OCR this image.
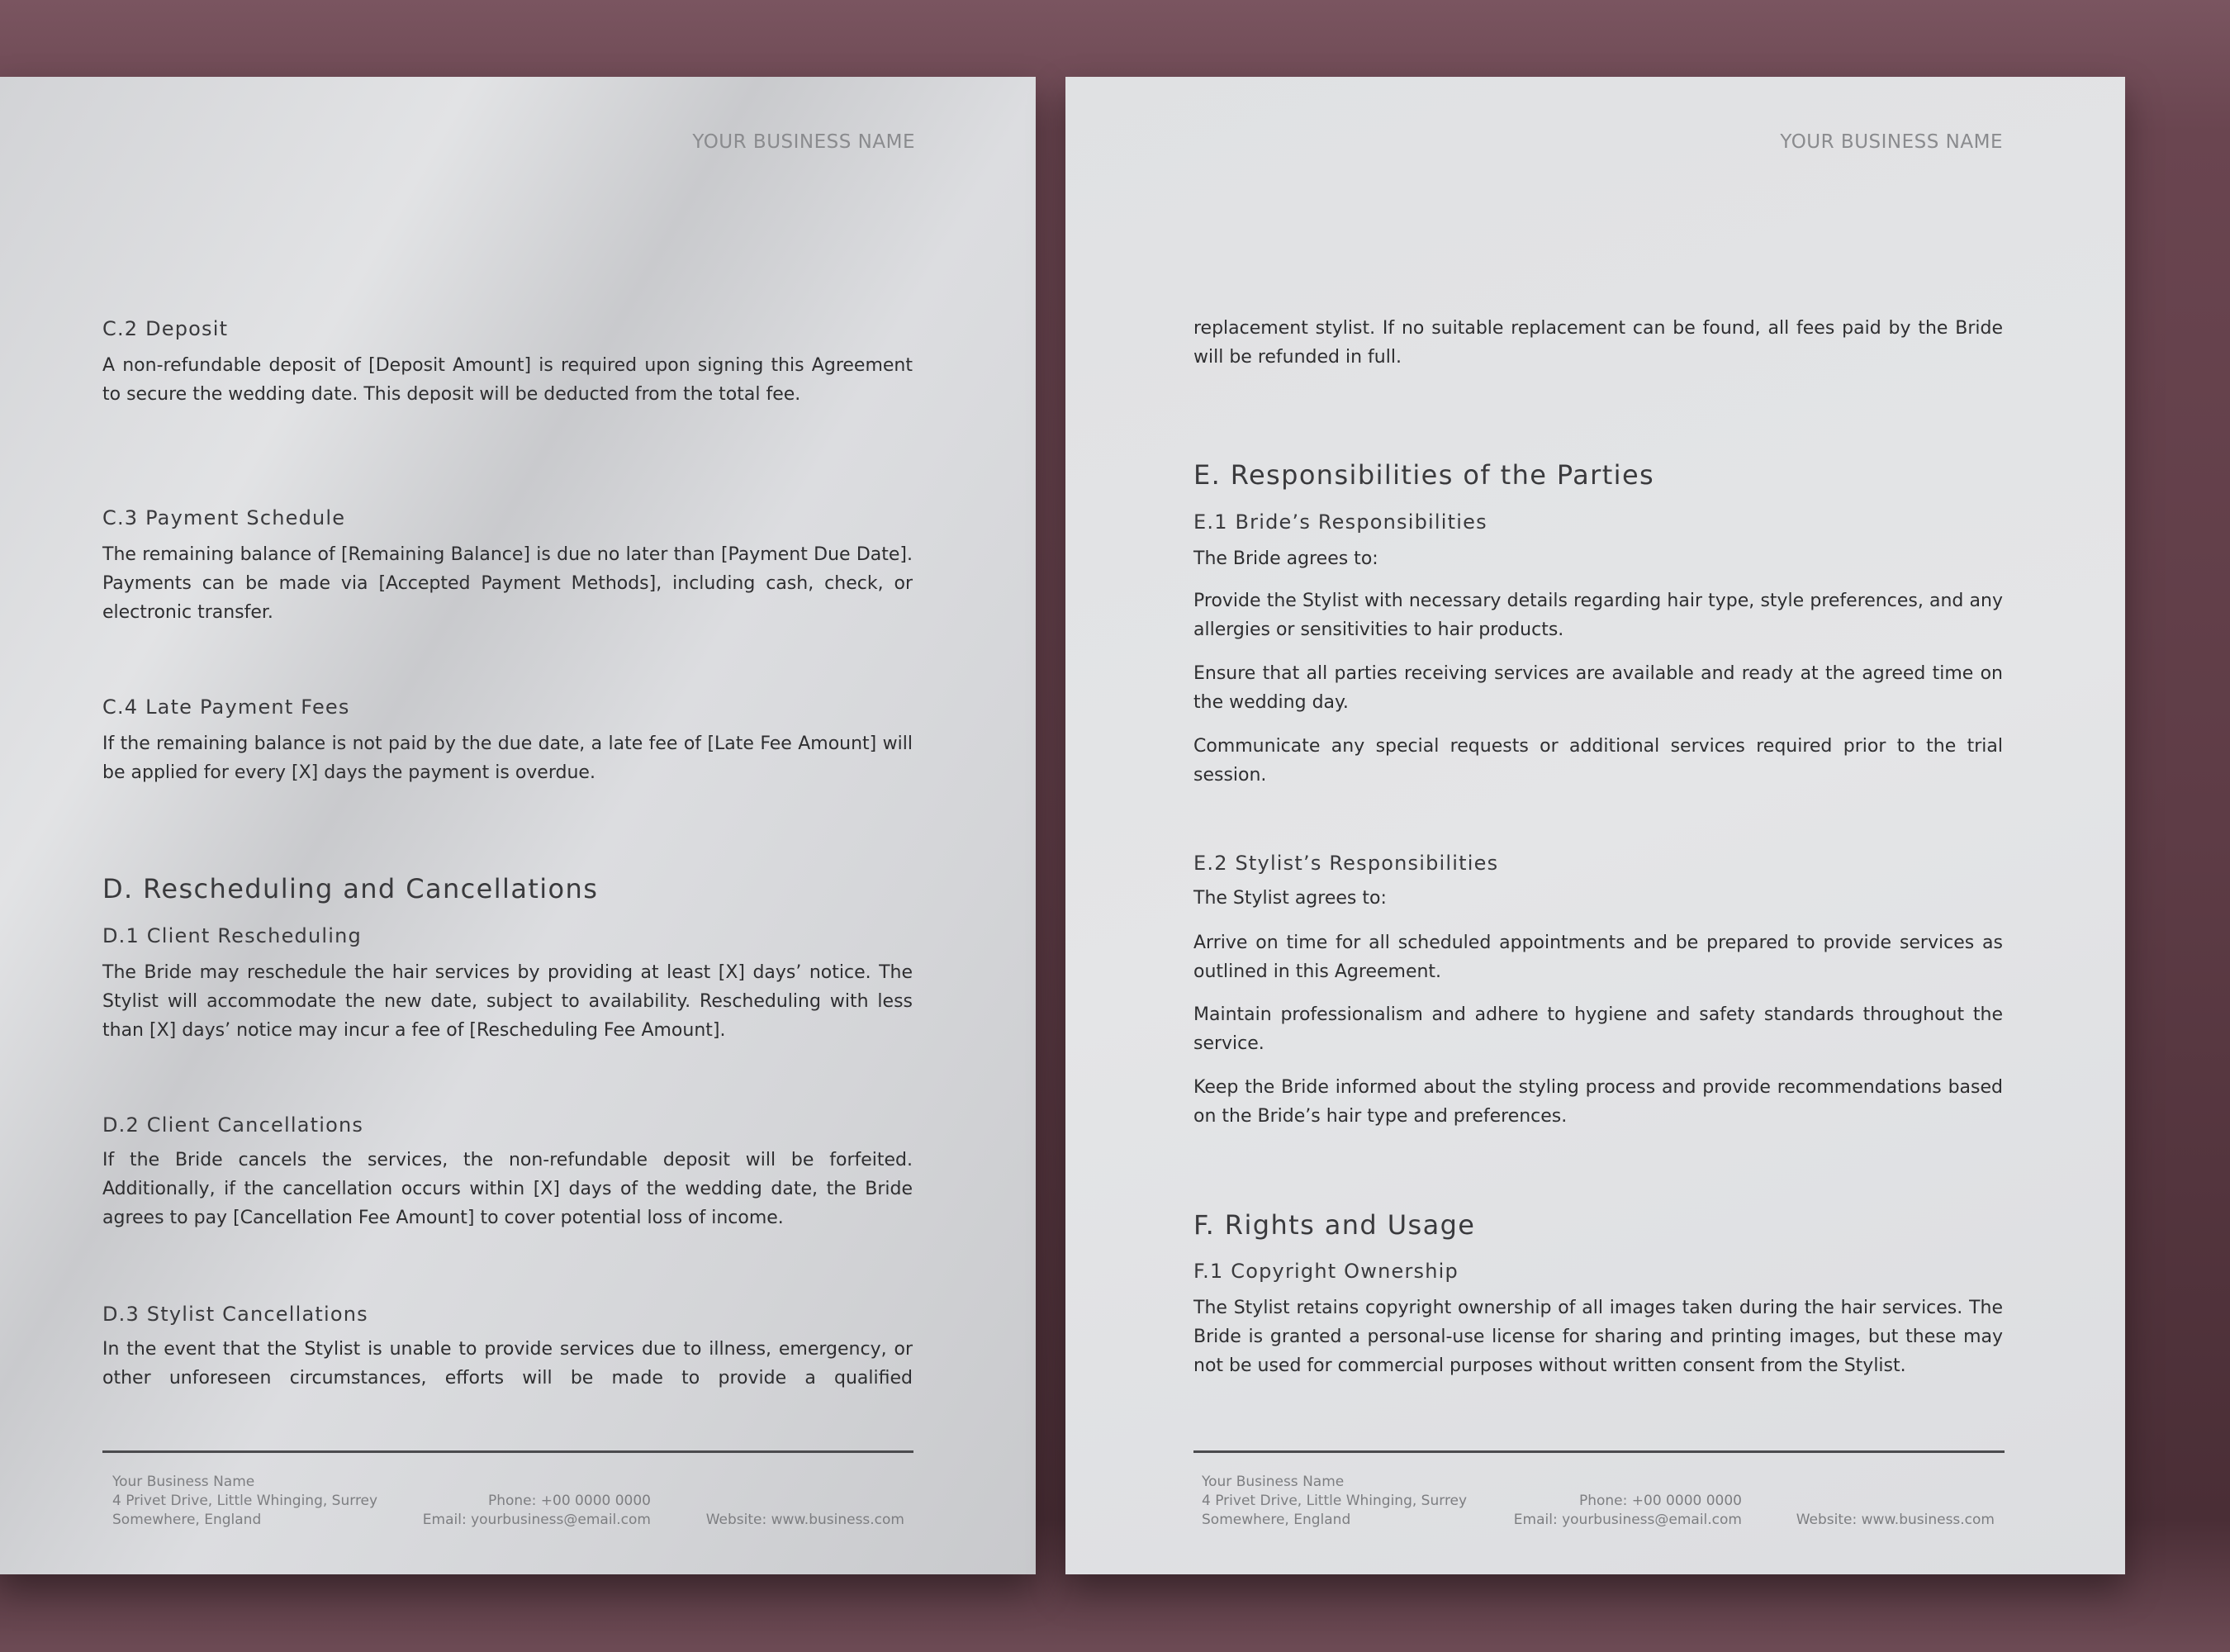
YOUR BUSINESS NAME
C.2 Deposit
A non-refundable deposit of [Deposit Amount] is required upon signing this Agreement to secure the wedding date. This deposit will be deducted from the total fee.
C.3 Payment Schedule
The remaining balance of [Remaining Balance] is due no later than [Payment Due Date]. Payments can be made via [Accepted Payment Methods], including cash, check, or electronic transfer.
C.4 Late Payment Fees
If the remaining balance is not paid by the due date, a late fee of [Late Fee Amount] will be applied for every [X] days the payment is overdue.
D. Rescheduling and Cancellations
D.1 Client Rescheduling
The Bride may reschedule the hair services by providing at least [X] days’ notice. The Stylist will accommodate the new date, subject to availability. Rescheduling with less than [X] days’ notice may incur a fee of [Rescheduling Fee Amount].
D.2 Client Cancellations
If the Bride cancels the services, the non-refundable deposit will be forfeited. Additionally, if the cancellation occurs within [X] days of the wedding date, the Bride agrees to pay [Cancellation Fee Amount] to cover potential loss of income.
D.3 Stylist Cancellations
In the event that the Stylist is unable to provide services due to illness, emergency, or other unforeseen circumstances, efforts will be made to provide a qualified
Your Business Name
4 Privet Drive, Little Whinging, Surrey
Somewhere, England
Phone: +00 0000 0000
Email: yourbusiness@email.com	Website: www.business.com
YOUR BUSINESS NAME
replacement stylist. If no suitable replacement can be found, all fees paid by the Bride will be refunded in full.
E. Responsibilities of the Parties
E.1 Bride’s Responsibilities
The Bride agrees to:
Provide the Stylist with necessary details regarding hair type, style preferences, and any allergies or sensitivities to hair products.
Ensure that all parties receiving services are available and ready at the agreed time on the wedding day.
Communicate any special requests or additional services required prior to the trial session.
E.2 Stylist’s Responsibilities
The Stylist agrees to:
Arrive on time for all scheduled appointments and be prepared to provide services as outlined in this Agreement.
Maintain professionalism and adhere to hygiene and safety standards throughout the service.
Keep the Bride informed about the styling process and provide recommendations based on the Bride’s hair type and preferences.
F. Rights and Usage
F.1 Copyright Ownership
The Stylist retains copyright ownership of all images taken during the hair services. The Bride is granted a personal-use license for sharing and printing images, but these may not be used for commercial purposes without written consent from the Stylist.
Your Business Name
4 Privet Drive, Little Whinging, Surrey
Somewhere, England
Phone: +00 0000 0000
Email: yourbusiness@email.com	Website: www.business.com
